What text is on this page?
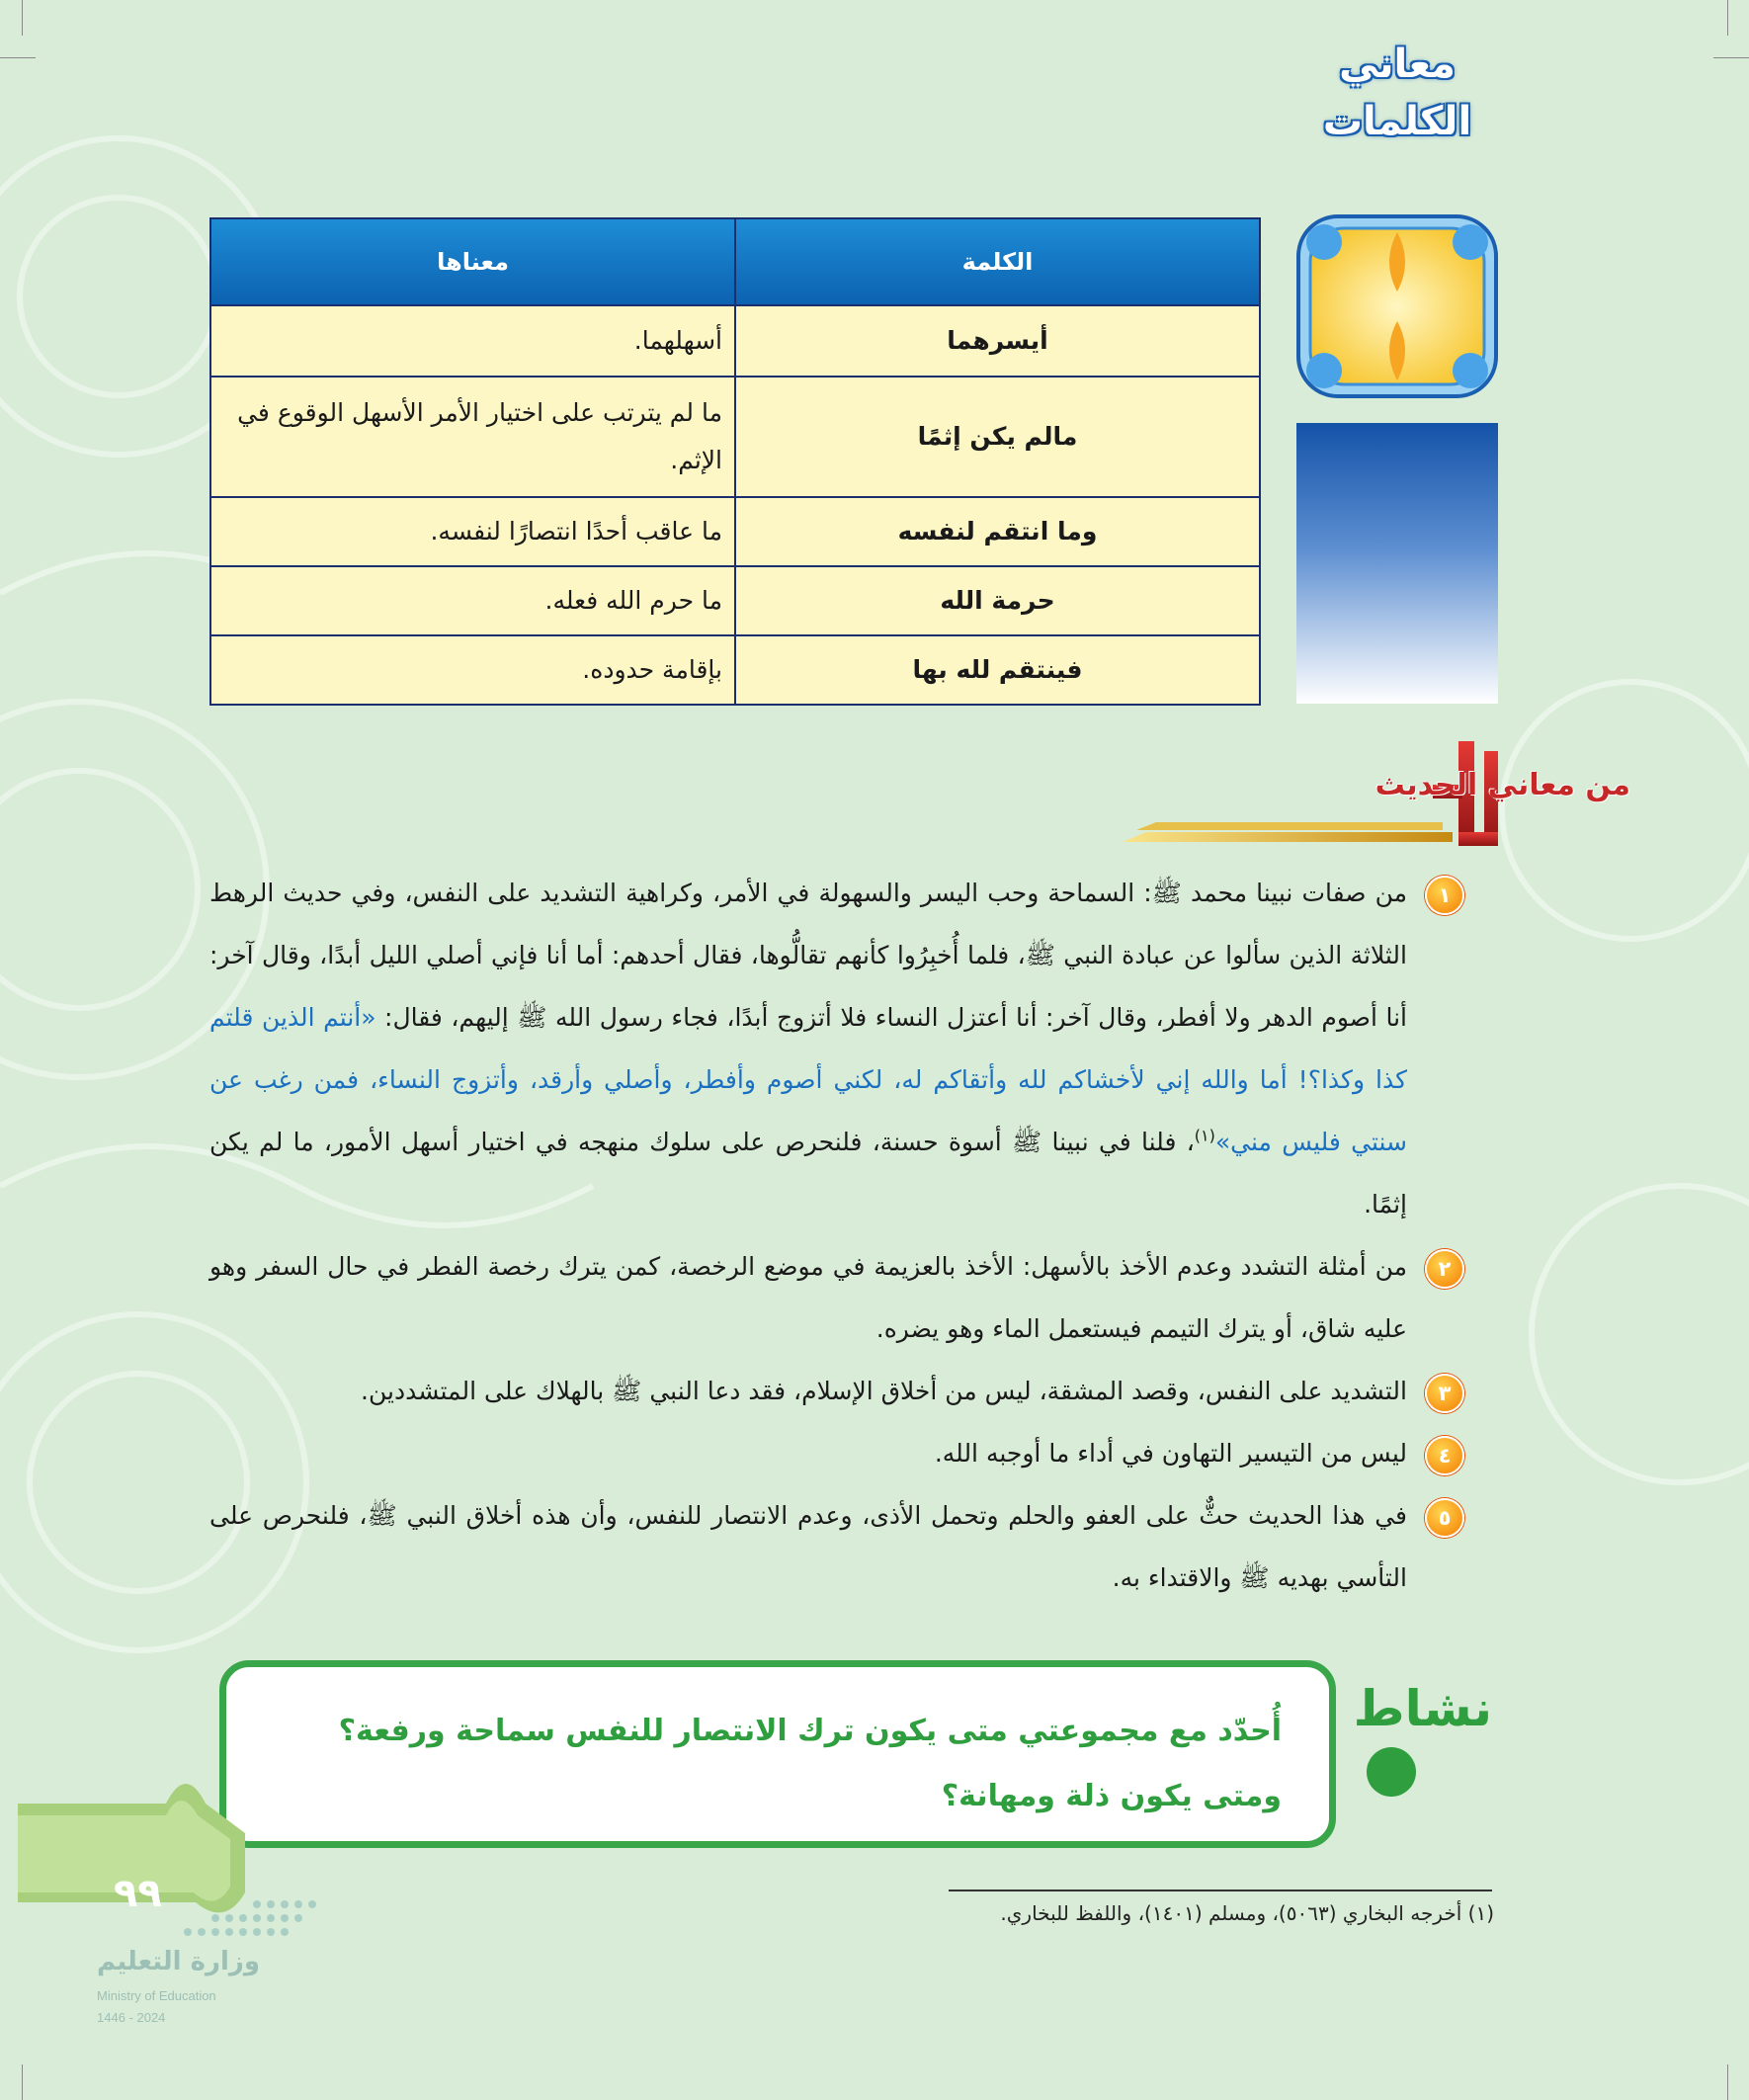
معاني
الكلمات
الكلمة	معناها
أيسرهما	أسهلهما.
مالم يكن إثمًا	ما لم يترتب على اختيار الأمر الأسهل الوقوع في الإثم.
وما انتقم لنفسه	ما عاقب أحدًا انتصارًا لنفسه.
حرمة الله	ما حرم الله فعله.
فينتقم لله بها	بإقامة حدوده.
من معاني الحديث
١
من صفات نبينا محمد ﷺ: السماحة وحب اليسر والسهولة في الأمر، وكراهية التشديد على النفس، وفي حديث الرهط الثلاثة الذين سألوا عن عبادة النبي ﷺ، فلما أُخبِرُوا كأنهم تقالُّوها، فقال أحدهم: أما أنا فإني أصلي الليل أبدًا، وقال آخر: أنا أصوم الدهر ولا أفطر، وقال آخر: أنا أعتزل النساء فلا أتزوج أبدًا، فجاء رسول الله ﷺ إليهم، فقال: «أنتم الذين قلتم كذا وكذا؟! أما والله إني لأخشاكم لله وأتقاكم له، لكني أصوم وأفطر، وأصلي وأرقد، وأتزوج النساء، فمن رغب عن سنتي فليس مني»$^{(١)}$، فلنا في نبينا ﷺ أسوة حسنة، فلنحرص على سلوك منهجه في اختيار أسهل الأمور، ما لم يكن إثمًا.
٢
من أمثلة التشدد وعدم الأخذ بالأسهل: الأخذ بالعزيمة في موضع الرخصة، كمن يترك رخصة الفطر في حال السفر وهو عليه شاق، أو يترك التيمم فيستعمل الماء وهو يضره.
٣
التشديد على النفس، وقصد المشقة، ليس من أخلاق الإسلام، فقد دعا النبي ﷺ بالهلاك على المتشددين.
٤
ليس من التيسير التهاون في أداء ما أوجبه الله.
٥
في هذا الحديث حثٌّ على العفو والحلم وتحمل الأذى، وعدم الانتصار للنفس، وأن هذه أخلاق النبي ﷺ، فلنحرص على التأسي بهديه ﷺ والاقتداء به.
نشاط
أُحدّد مع مجموعتي متى يكون ترك الانتصار للنفس سماحة ورفعة؟ ومتى يكون ذلة ومهانة؟
(١) أخرجه البخاري (٥٠٦٣)، ومسلم (١٤٠١)، واللفظ للبخاري.
٩٩
وزارة التعليم
Ministry of Education
2024 - 1446
